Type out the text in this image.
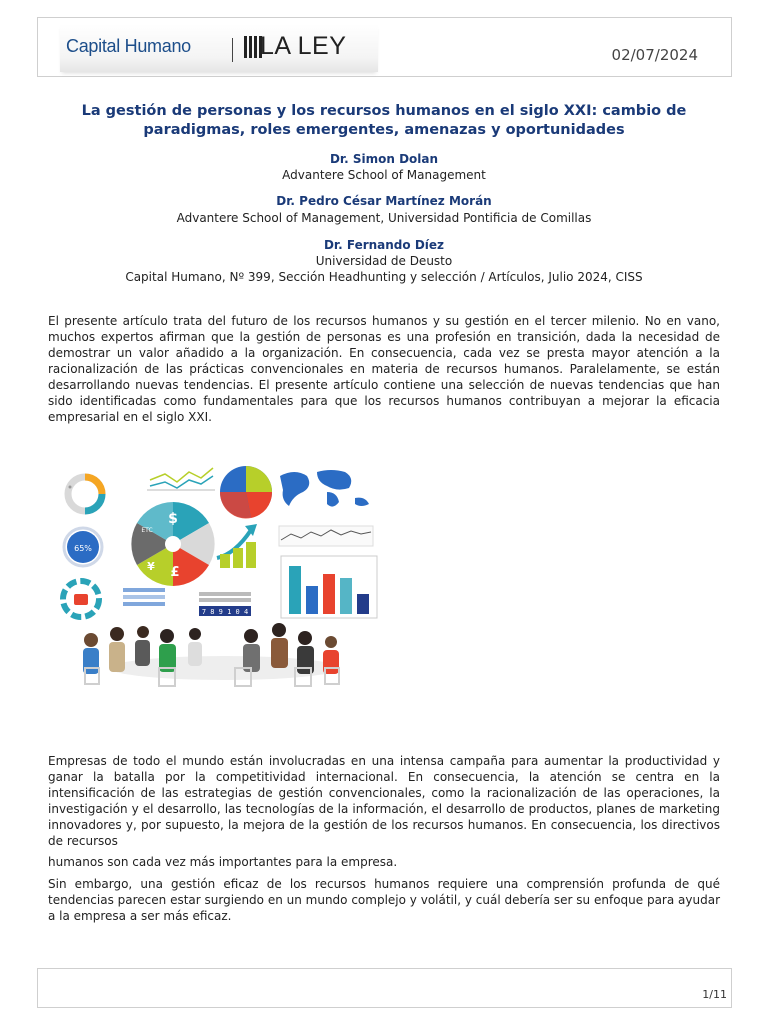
Capital Humano	LA LEY	02/07/2024
La gestión de personas y los recursos humanos en el siglo XXI: cambio de paradigmas, roles emergentes, amenazas y oportunidades
Dr. Simon Dolan
Advantere School of Management
Dr. Pedro César Martínez Morán
Advantere School of Management, Universidad Pontificia de Comillas
Dr. Fernando Díez
Universidad de Deusto
Capital Humano, Nº 399, Sección Headhunting y selección / Artículos, Julio 2024, CISS
El presente artículo trata del futuro de los recursos humanos y su gestión en el tercer milenio. No en vano, muchos expertos afirman que la gestión de personas es una profesión en transición, dada la necesidad de demostrar un valor añadido a la organización. En consecuencia, cada vez se presta mayor atención a la racionalización de las prácticas convencionales en materia de recursos humanos. Paralelamente, se están desarrollando nuevas tendencias. El presente artículo contiene una selección de nuevas tendencias que han sido identificadas como fundamentales para que los recursos humanos contribuyan a mejorar la eficacia empresarial en el siglo XXI.
65%
$
€
¥ £
ETC
7 8 9 1 0 4
Empresas de todo el mundo están involucradas en una intensa campaña para aumentar la productividad y ganar la batalla por la competitividad internacional. En consecuencia, la atención se centra en la intensificación de las estrategias de gestión convencionales, como la racionalización de las operaciones, la investigación y el desarrollo, las tecnologías de la información, el desarrollo de productos, planes de marketing innovadores y, por supuesto, la mejora de la gestión de los recursos humanos. En consecuencia, los directivos de recursos
humanos son cada vez más importantes para la empresa.
Sin embargo, una gestión eficaz de los recursos humanos requiere una comprensión profunda de qué tendencias parecen estar surgiendo en un mundo complejo y volátil, y cuál debería ser su enfoque para ayudar a la empresa a ser más eficaz.
1/11
